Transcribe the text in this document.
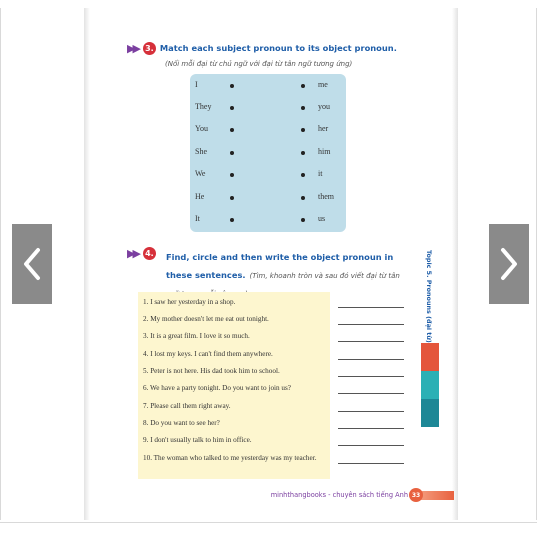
▶▶ 3. Match each subject pronoun to its object pronoun.
(Nối mỗi đại từ chủ ngữ với đại từ tân ngữ tương ứng)
I	me
They	you
You	her
She	him
We	it
He	them
It	us
▶▶ 4. Find, circle and then write the object pronoun in these sentences. (Tìm, khoanh tròn và sau đó viết đại từ tân
1. I saw her yesterday in a shop.
2. My mother doesn't let me eat out tonight.
3. It is a great film. I love it so much.
4. I lost my keys. I can't find them anywhere.
5. Peter is not here. His dad took him to school.
6. We have a party tonight. Do you want to join us?
7. Please call them right away.
8. Do you want to see her?
9. I don't usually talk to him in office.
10. The woman who talked to me yesterday was my teacher.
Topic 5. Pronouns (đại từ)
minhthangbooks - chuyên sách tiếng Anh 33
